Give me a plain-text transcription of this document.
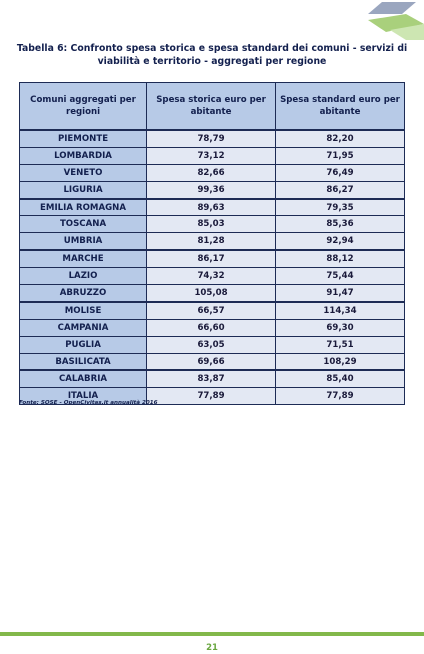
Tabella 6: Confronto spesa storica e spesa standard dei comuni - servizi di viabilità e territorio - aggregati per regione
Comuni aggregati per regioni	Spesa storica euro per abitante	Spesa standard euro per abitante
PIEMONTE	78,79	82,20
LOMBARDIA	73,12	71,95
VENETO	82,66	76,49
LIGURIA	99,36	86,27
EMILIA ROMAGNA	89,63	79,35
TOSCANA	85,03	85,36
UMBRIA	81,28	92,94
MARCHE	86,17	88,12
LAZIO	74,32	75,44
ABRUZZO	105,08	91,47
MOLISE	66,57	114,34
CAMPANIA	66,60	69,30
PUGLIA	63,05	71,51
BASILICATA	69,66	108,29
CALABRIA	83,87	85,40
ITALIA	77,89	77,89
Fonte: SOSE - OpenCivitas.it annualità 2016
21
